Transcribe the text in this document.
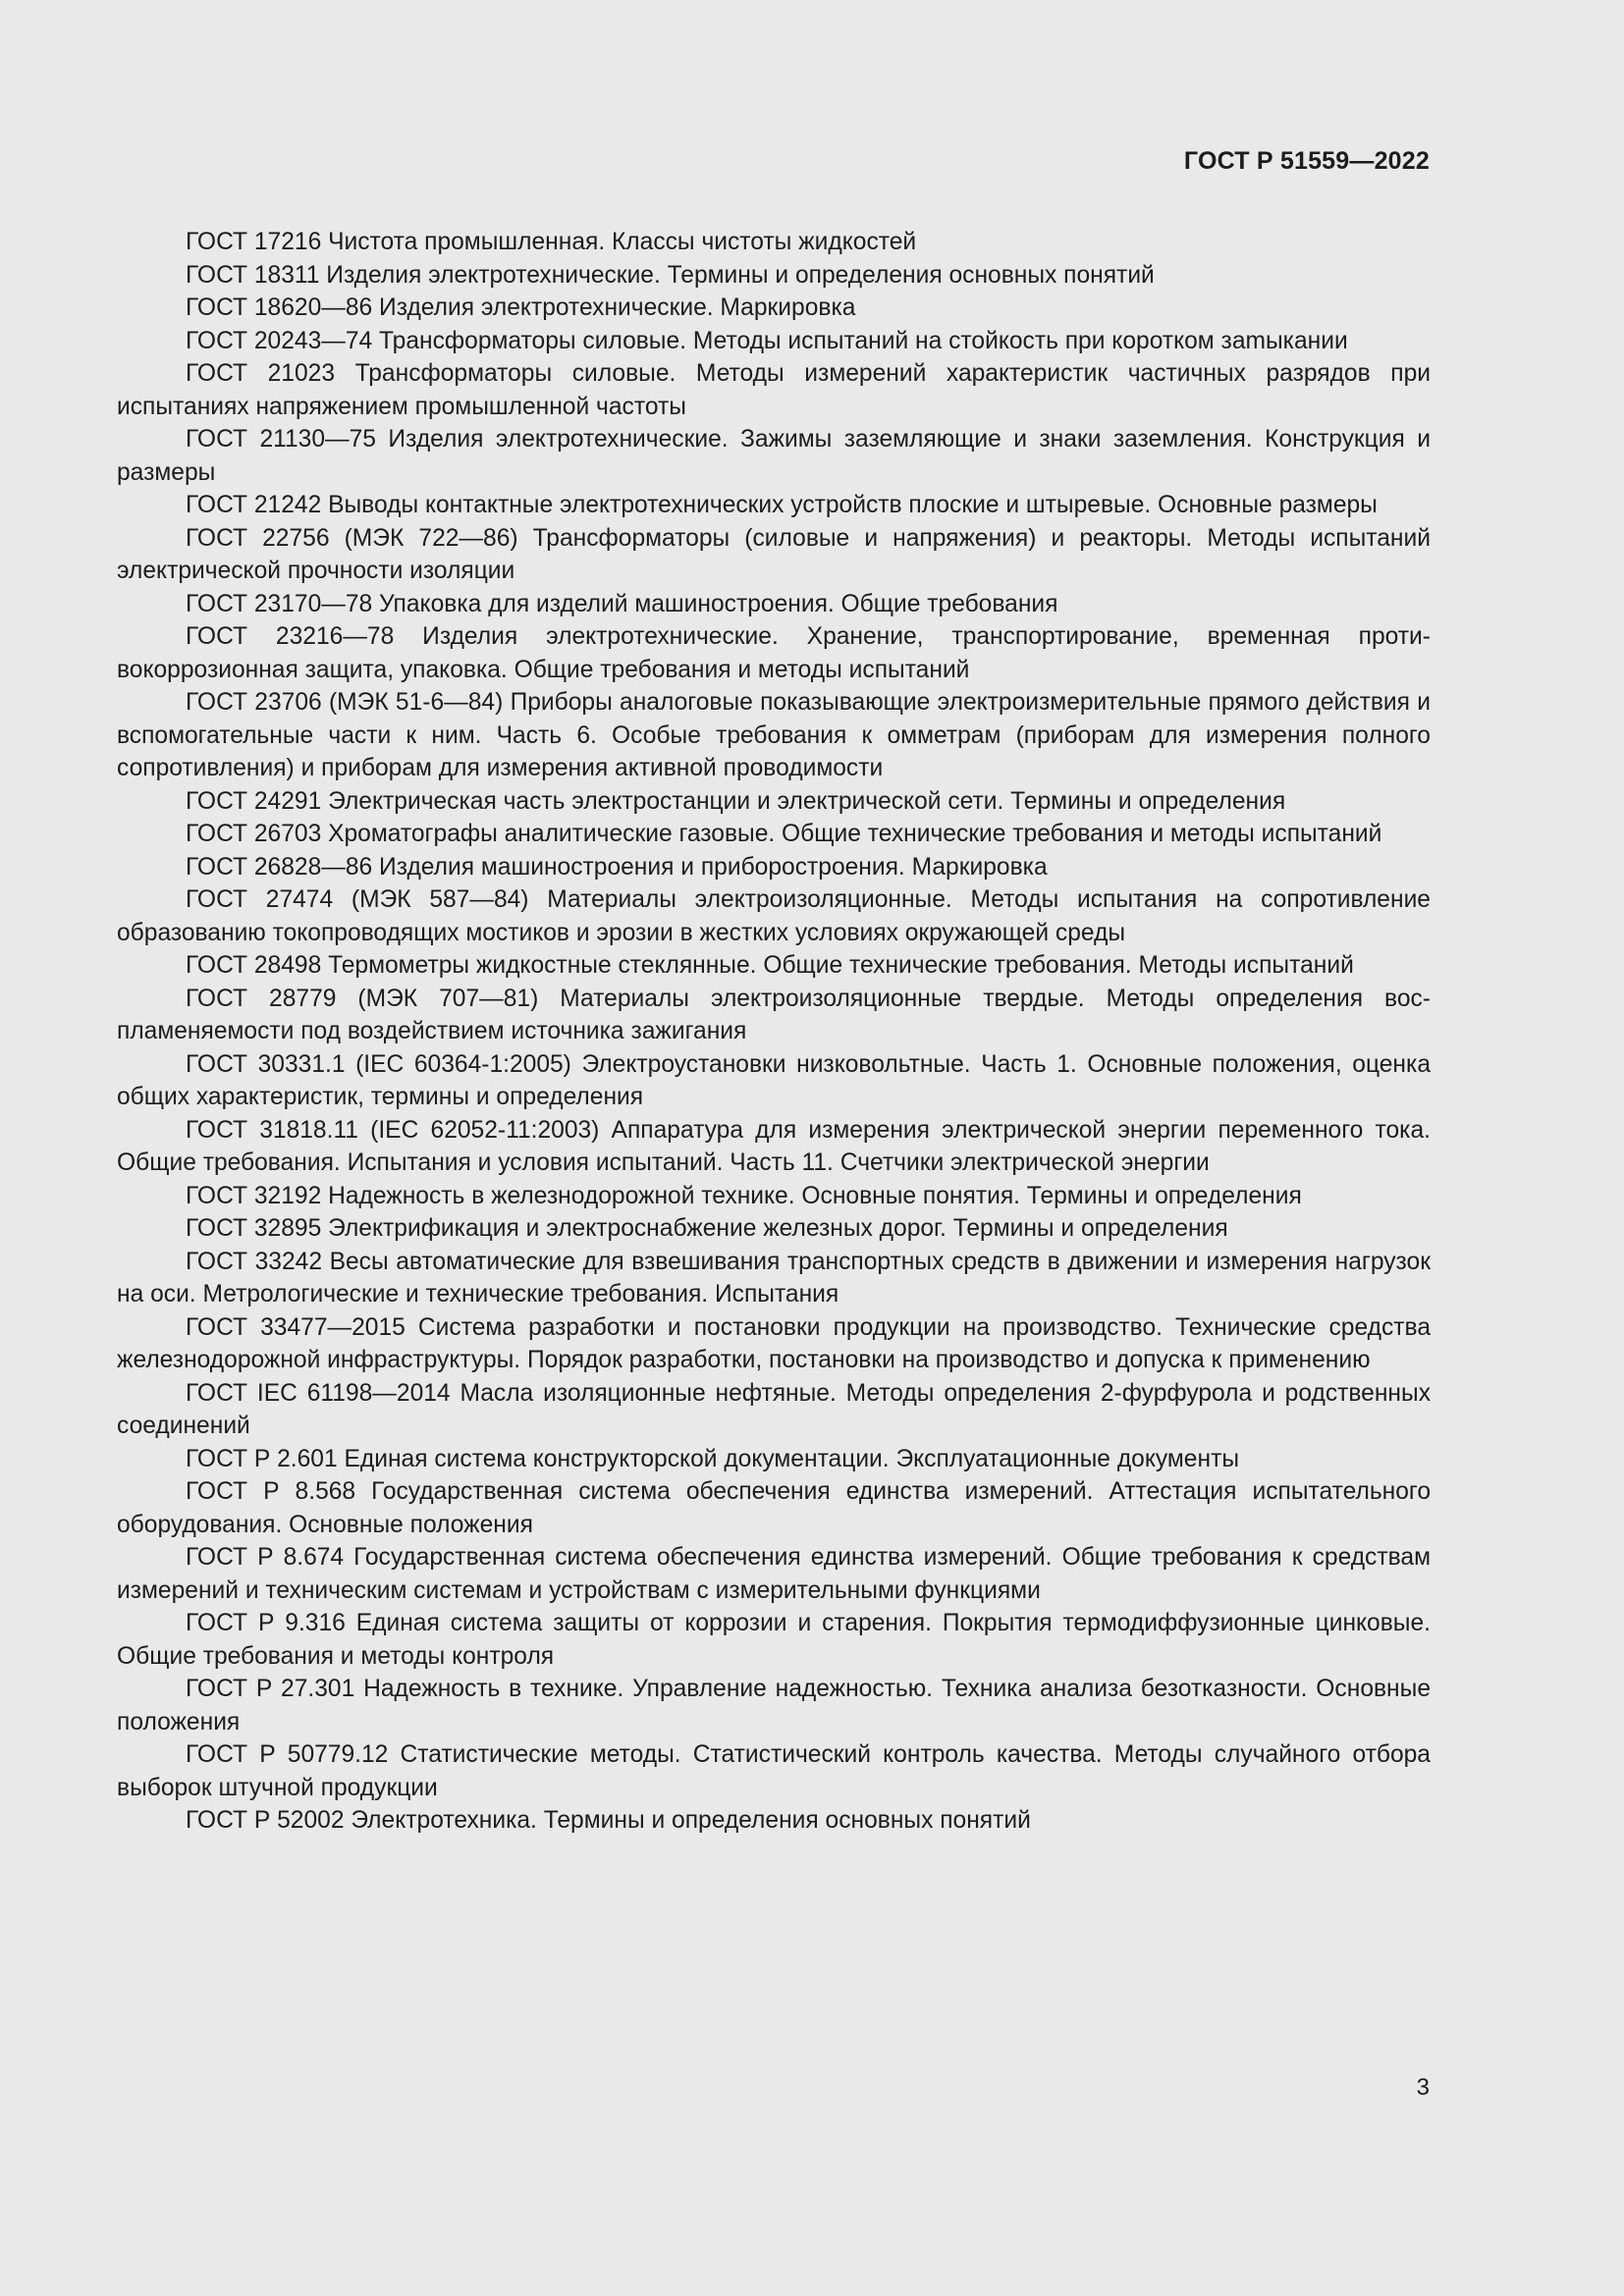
ГОСТ Р 51559—2022
ГОСТ 17216 Чистота промышленная. Классы чистоты жидкостей
ГОСТ 18311 Изделия электротехнические. Термины и определения основных понятий
ГОСТ 18620—86 Изделия электротехнические. Маркировка
ГОСТ 20243—74 Трансформаторы силовые. Методы испытаний на стойкость при коротком заmыкании
ГОСТ 21023 Трансформаторы силовые. Методы измерений характеристик частичных разрядов при испытаниях напряжением промышленной частоты
ГОСТ 21130—75 Изделия электротехнические. Зажимы заземляющие и знаки заземления. Конструкция и размеры
ГОСТ 21242 Выводы контактные электротехнических устройств плоские и штыревые. Основные размеры
ГОСТ 22756 (МЭК 722—86) Трансформаторы (силовые и напряжения) и реакторы. Методы испытаний электрической прочности изоляции
ГОСТ 23170—78 Упаковка для изделий машиностроения. Общие требования
ГОСТ 23216—78 Изделия электротехнические. Хранение, транспортирование, временная противокоррозионная защита, упаковка. Общие требования и методы испытаний
ГОСТ 23706 (МЭК 51-6—84) Приборы аналоговые показывающие электроизмерительные прямого действия и вспомогательные части к ним. Часть 6. Особые требования к омметрам (приборам для измерения полного сопротивления) и приборам для измерения активной проводимости
ГОСТ 24291 Электрическая часть электростанции и электрической сети. Термины и определения
ГОСТ 26703 Хроматографы аналитические газовые. Общие технические требования и методы испытаний
ГОСТ 26828—86 Изделия машиностроения и приборостроения. Маркировка
ГОСТ 27474 (МЭК 587—84) Материалы электроизоляционные. Методы испытания на сопротивление образованию токопроводящих мостиков и эрозии в жестких условиях окружающей среды
ГОСТ 28498 Термометры жидкостные стеклянные. Общие технические требования. Методы испытаний
ГОСТ 28779 (МЭК 707—81) Материалы электроизоляционные твердые. Методы определения воспламеняемости под воздействием источника зажигания
ГОСТ 30331.1 (IEC 60364-1:2005) Электроустановки низковольтные. Часть 1. Основные положения, оценка общих характеристик, термины и определения
ГОСТ 31818.11 (IEC 62052-11:2003) Аппаратура для измерения электрической энергии переменного тока. Общие требования. Испытания и условия испытаний. Часть 11. Счетчики электрической энергии
ГОСТ 32192 Надежность в железнодорожной технике. Основные понятия. Термины и определения
ГОСТ 32895 Электрификация и электроснабжение железных дорог. Термины и определения
ГОСТ 33242 Весы автоматические для взвешивания транспортных средств в движении и измерения нагрузок на оси. Метрологические и технические требования. Испытания
ГОСТ 33477—2015 Система разработки и постановки продукции на производство. Технические средства железнодорожной инфраструктуры. Порядок разработки, постановки на производство и допуска к применению
ГОСТ IEC 61198—2014 Масла изоляционные нефтяные. Методы определения 2-фурфурола и родственных соединений
ГОСТ Р 2.601 Единая система конструкторской документации. Эксплуатационные документы
ГОСТ Р 8.568 Государственная система обеспечения единства измерений. Аттестация испытательного оборудования. Основные положения
ГОСТ Р 8.674 Государственная система обеспечения единства измерений. Общие требования к средствам измерений и техническим системам и устройствам с измерительными функциями
ГОСТ Р 9.316 Единая система защиты от коррозии и старения. Покрытия термодиффузионные цинковые. Общие требования и методы контроля
ГОСТ Р 27.301 Надежность в технике. Управление надежностью. Техника анализа безотказности. Основные положения
ГОСТ Р 50779.12 Статистические методы. Статистический контроль качества. Методы случайного отбора выборок штучной продукции
ГОСТ Р 52002 Электротехника. Термины и определения основных понятий
3
